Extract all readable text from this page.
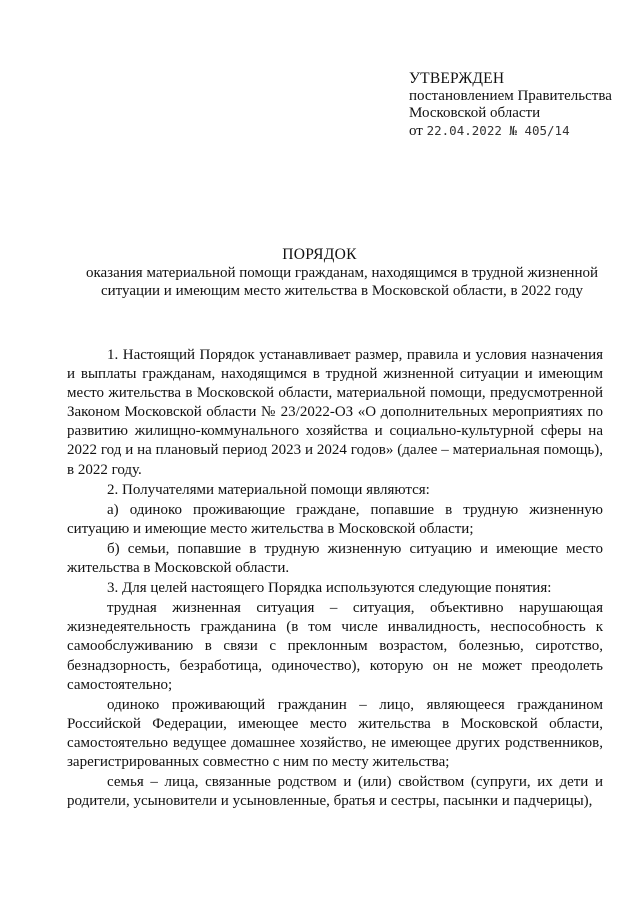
УТВЕРЖДЕН
постановлением Правительства
Московской области
от 22.04.2022 № 405/14
ПОРЯДОК
оказания материальной помощи гражданам, находящимся в трудной жизненной ситуации и имеющим место жительства в Московской области, в 2022 году

1. Настоящий Порядок устанавливает размер, правила и условия назначения и выплаты гражданам, находящимся в трудной жизненной ситуации и имеющим место жительства в Московской области, материальной помощи, предусмотренной Законом Московской области № 23/2022-ОЗ «О дополнительных мероприятиях по развитию жилищно-коммунального хозяйства и социально-культурной сферы на 2022 год и на плановый период 2023 и 2024 годов» (далее – материальная помощь), в 2022 году.

2. Получателями материальной помощи являются:

а) одиноко проживающие граждане, попавшие в трудную жизненную ситуацию и имеющие место жительства в Московской области;

б) семьи, попавшие в трудную жизненную ситуацию и имеющие место жительства в Московской области.

3. Для целей настоящего Порядка используются следующие понятия:

трудная жизненная ситуация – ситуация, объективно нарушающая жизнедеятельность гражданина (в том числе инвалидность, неспособность к самообслуживанию в связи с преклонным возрастом, болезнью, сиротство, безнадзорность, безработица, одиночество), которую он не может преодолеть самостоятельно;

одиноко проживающий гражданин – лицо, являющееся гражданином Российской Федерации, имеющее место жительства в Московской области, самостоятельно ведущее домашнее хозяйство, не имеющее других родственников, зарегистрированных совместно с ним по месту жительства;

семья – лица, связанные родством и (или) свойством (супруги, их дети и родители, усыновители и усыновленные, братья и сестры, пасынки и падчерицы),
